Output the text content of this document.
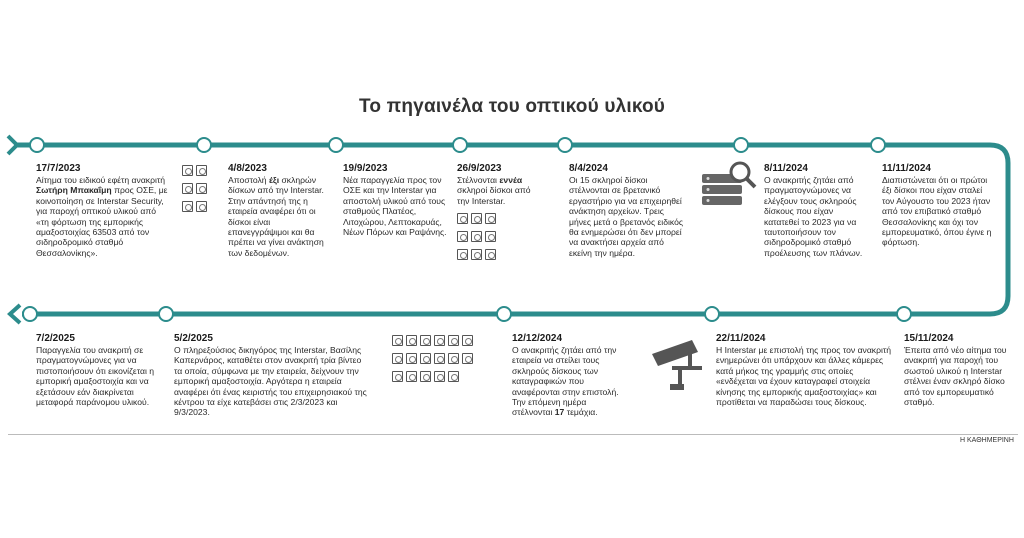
Το πηγαινέλα του οπτικού υλικού
17/7/2023
Αίτημα του ειδικού εφέτη ανακριτή Σωτήρη Μπακαΐμη προς ΟΣΕ, με κοινοποίηση σε Interstar Security, για παροχή οπτικού υλικού από «τη φόρτωση της εμπορικής αμαξοστοιχίας 63503 από τον σιδηροδρομικό σταθμό Θεσσαλονίκης».
4/8/2023
Αποστολή έξι σκληρών δίσκων από την Interstar. Στην απάντησή της η εταιρεία αναφέρει ότι οι δίσκοι είναι επανεγγράψιμοι και θα πρέπει να γίνει ανάκτηση των δεδομένων.
19/9/2023
Νέα παραγγελία προς τον ΟΣΕ και την Interstar για αποστολή υλικού από τους σταθμούς Πλατέος, Λιτοχώρου, Λεπτοκαρυάς, Νέων Πόρων και Ραψάνης.
26/9/2023
Στέλνονται εννέα σκληροί δίσκοι από την Interstar.
8/4/2024
Οι 15 σκληροί δίσκοι στέλνονται σε βρετανικό εργαστήριο για να επιχειρηθεί ανάκτηση αρχείων. Τρεις μήνες μετά ο βρετανός ειδικός θα ενημερώσει ότι δεν μπορεί να ανακτήσει αρχεία από εκείνη την ημέρα.
8/11/2024
Ο ανακριτής ζητάει από πραγματογνώμονες να ελέγξουν τους σκληρούς δίσκους που είχαν κατατεθεί το 2023 για να ταυτοποιήσουν τον σιδηροδρομικό σταθμό προέλευσης των πλάνων.
11/11/2024
Διαπιστώνεται ότι οι πρώτοι έξι δίσκοι που είχαν σταλεί τον Αύγουστο του 2023 ήταν από τον επιβατικό σταθμό Θεσσαλονίκης και όχι τον εμπορευματικό, όπου έγινε η φόρτωση.
7/2/2025
Παραγγελία του ανακριτή σε πραγματογνώμονες για να πιστοποιήσουν ότι εικονίζεται η εμπορική αμαξοστοιχία και να εξετάσουν εάν διακρίνεται μεταφορά παράνομου υλικού.
5/2/2025
Ο πληρεξούσιος δικηγόρος της Interstar, Βασίλης Καπερνάρος, καταθέτει στον ανακριτή τρία βίντεο τα οποία, σύμφωνα με την εταιρεία, δείχνουν την εμπορική αμαξοστοιχία. Αργότερα η εταιρεία αναφέρει ότι ένας κειριστής του επιχειρησιακού της κέντρου τα είχε κατεβάσει στις 2/3/2023 και 9/3/2023.
12/12/2024
Ο ανακριτής ζητάει από την εταιρεία να στείλει τους σκληρούς δίσκους των καταγραφικών που αναφέρονται στην επιστολή. Την επόμενη ημέρα στέλνονται 17 τεμάχια.
22/11/2024
Η Interstar με επιστολή της προς τον ανακριτή ενημερώνει ότι υπάρχουν και άλλες κάμερες κατά μήκος της γραμμής στις οποίες «ενδέχεται να έχουν καταγραφεί στοιχεία κίνησης της εμπορικής αμαξοστοιχίας» και προτίθεται να παραδώσει τους δίσκους.
15/11/2024
Έπειτα από νέο αίτημα του ανακριτή για παροχή του σωστού υλικού η Interstar στέλνει έναν σκληρό δίσκο από τον εμπορευματικό σταθμό.
Η ΚΑΘΗΜΕΡΙΝΗ
